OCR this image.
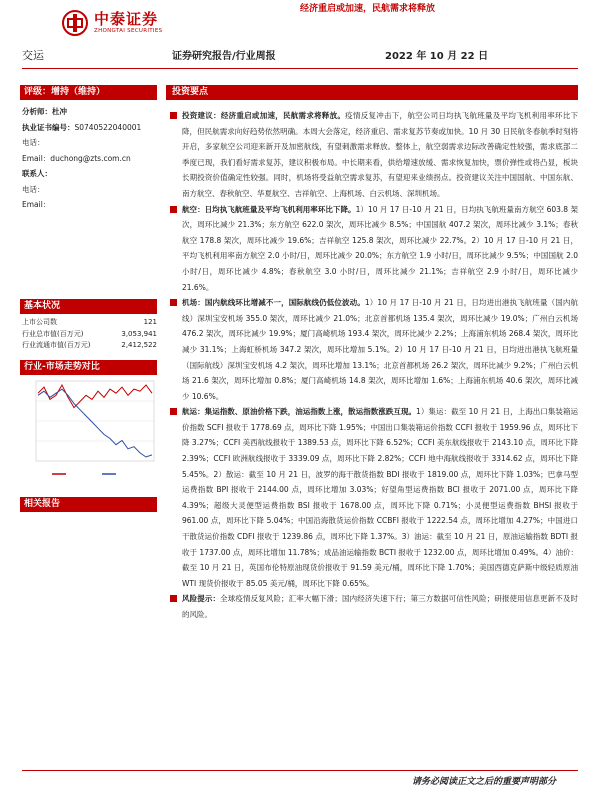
中泰证券
ZHONGTAI SECURITIES
经济重启或加速，民航需求将释放
交运	证券研究报告/行业周报	2022 年 10 月 22 日
评级：增持（维持）
分析师：杜冲
执业证书编号：S0740522040001
电话：
Email：duchong@zts.com.cn
联系人：
电话：
Email：
基本状况
上市公司数	121
行业总市值(百万元)	3,053,941
行业流通市值(百万元)	2,412,522
行业-市场走势对比
相关报告
投资要点
投资建议：经济重启或加速，民航需求将释放。疫情反复冲击下，航空公司日均执飞航班量及平均飞机利用率环比下降，但民航需求向好趋势依然明确。本周大会落定，经济重启、需求复苏节奏或加快。10 月 30 日民航冬春航季时刻将开启，多家航空公司迎来新开及加密航线，有望刺激需求释放。整体上，航空弱需求边际改善确定性较强，需求底部二季度已现，我们看好需求复苏，建议积极布局。中长期来看，供给增速放缓、需求恢复加快，票价弹性或将凸显，板块长期投资价值确定性较强。同时，机场将受益航空需求复苏，有望迎来业绩拐点。投资建议关注中国国航、中国东航、南方航空、春秋航空、华夏航空、吉祥航空、上海机场、白云机场、深圳机场。
航空：日均执飞航班量及平均飞机利用率环比下降。1）10 月 17 日-10 月 21 日，日均执飞航班量南方航空 603.8 架次，周环比减少 21.3%；东方航空 622.0 架次，周环比减少 8.5%；中国国航 407.2 架次，周环比减少 3.1%；春秋航空 178.8 架次，周环比减少 19.6%；吉祥航空 125.8 架次，周环比减少 22.7%。2）10 月 17 日-10 月 21 日，平均飞机利用率南方航空 2.0 小时/日，周环比减少 20.0%；东方航空 1.9 小时/日，周环比减少 9.5%；中国国航 2.0 小时/日，周环比减少 4.8%；春秋航空 3.0 小时/日，周环比减少 21.1%；吉祥航空 2.9 小时/日，周环比减少 21.6%。
机场：国内航线环比增减不一，国际航线仍低位波动。1）10 月 17 日-10 月 21 日，日均进出港执飞航班量（国内航线）深圳宝安机场 355.0 架次，周环比减少 21.0%；北京首都机场 135.4 架次，周环比减少 19.0%；广州白云机场 476.2 架次，周环比减少 19.9%；厦门高崎机场 193.4 架次，周环比减少 2.2%；上海浦东机场 268.4 架次，周环比减少 31.1%；上海虹桥机场 347.2 架次，周环比增加 5.1%。2）10 月 17 日-10 月 21 日，日均进出港执飞航班量（国际航线）深圳宝安机场 4.2 架次，周环比增加 13.1%；北京首都机场 26.2 架次，周环比减少 9.2%；广州白云机场 21.6 架次，周环比增加 0.8%；厦门高崎机场 14.8 架次，周环比增加 1.6%；上海浦东机场 40.6 架次，周环比减少 10.6%。
航运：集运指数、原油价格下跌，油运指数上涨，散运指数涨跌互现。1）集运：截至 10 月 21 日，上海出口集装箱运价指数 SCFI 报收于 1778.69 点，周环比下降 1.95%；中国出口集装箱运价指数 CCFI 报收于 1959.96 点，周环比下降 3.27%；CCFI 美西航线报收于 1389.53 点，周环比下降 6.52%；CCFI 美东航线报收于 2143.10 点，周环比下降 2.39%；CCFI 欧洲航线报收于 3339.09 点，周环比下降 2.82%；CCFI 地中海航线报收于 3314.62 点，周环比下降 5.45%。2）散运：截至 10 月 21 日，波罗的海干散货指数 BDI 报收于 1819.00 点，周环比下降 1.03%；巴拿马型运费指数 BPI 报收于 2144.00 点，周环比增加 3.03%；好望角型运费指数 BCI 报收于 2071.00 点，周环比下降 4.39%；超级大灵便型运费指数 BSI 报收于 1678.00 点，周环比下降 0.71%；小灵便型运费指数 BHSI 报收于 961.00 点，周环比下降 5.04%；中国沿海散货运价指数 CCBFI 报收于 1222.54 点，周环比增加 4.27%；中国进口干散货运价指数 CDFI 报收于 1239.86 点，周环比下降 1.37%。3）油运：截至 10 月 21 日，原油运输指数 BDTI 报收于 1737.00 点，周环比增加 11.78%；成品油运输指数 BCTI 报收于 1232.00 点，周环比增加 0.49%。4）油价：截至 10 月 21 日，英国布伦特原油现货价报收于 91.59 美元/桶，周环比下降 1.70%；美国西德克萨斯中级轻质原油 WTI 现货价报收于 85.05 美元/桶，周环比下降 0.65%。
风险提示：全球疫情反复风险；汇率大幅下滑；国内经济失速下行；第三方数据可信性风险；研报使用信息更新不及时的风险。
请务必阅读正文之后的重要声明部分
